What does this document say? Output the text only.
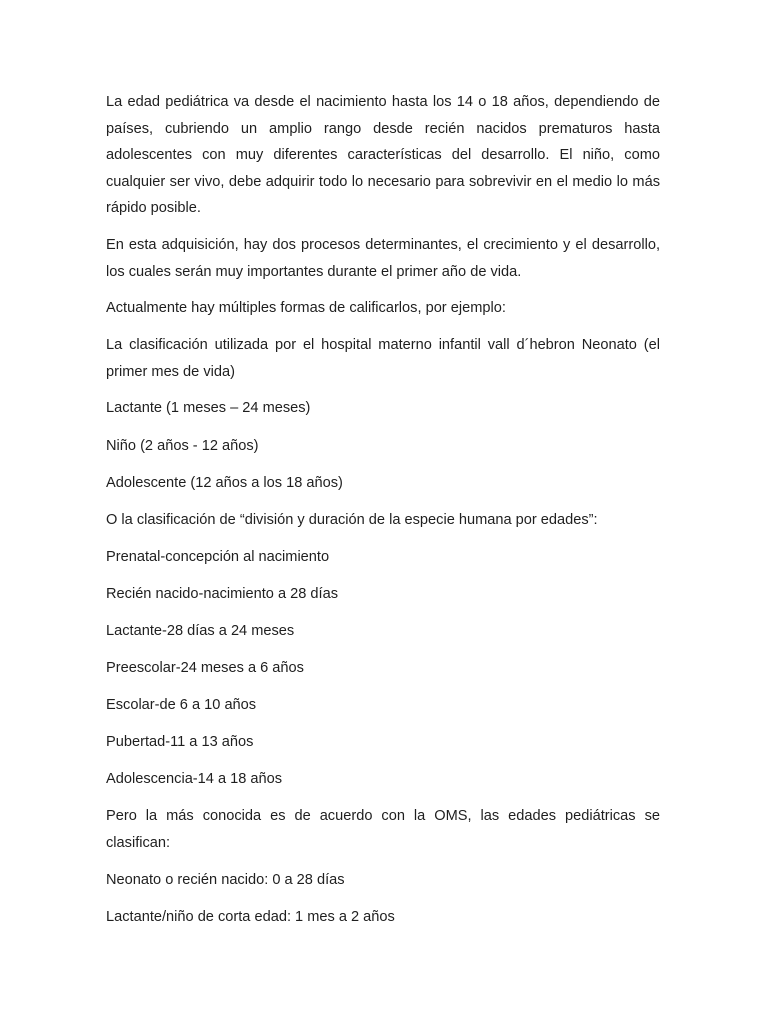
La edad pediátrica va desde el nacimiento hasta los 14 o 18 años, dependiendo de países, cubriendo un amplio rango desde recién nacidos prematuros hasta adolescentes con muy diferentes características del desarrollo. El niño, como cualquier ser vivo, debe adquirir todo lo necesario para sobrevivir en el medio lo más rápido posible.

En esta adquisición, hay dos procesos determinantes, el crecimiento y el desarrollo, los cuales serán muy importantes durante el primer año de vida.

Actualmente hay múltiples formas de calificarlos, por ejemplo:

La clasificación utilizada por el hospital materno infantil vall d´hebron Neonato (el primer mes de vida)

Lactante (1 meses – 24 meses)

Niño (2 años - 12 años)

Adolescente (12 años a los 18 años)

O la clasificación de “división y duración de la especie humana por edades”:

Prenatal-concepción al nacimiento

Recién nacido-nacimiento a 28 días

Lactante-28 días a 24 meses

Preescolar-24 meses a 6 años

Escolar-de 6 a 10 años

Pubertad-11 a 13 años

Adolescencia-14 a 18 años

Pero la más conocida es de acuerdo con la OMS, las edades pediátricas se clasifican:

Neonato o recién nacido: 0 a 28 días

Lactante/niño de corta edad: 1 mes a 2 años
